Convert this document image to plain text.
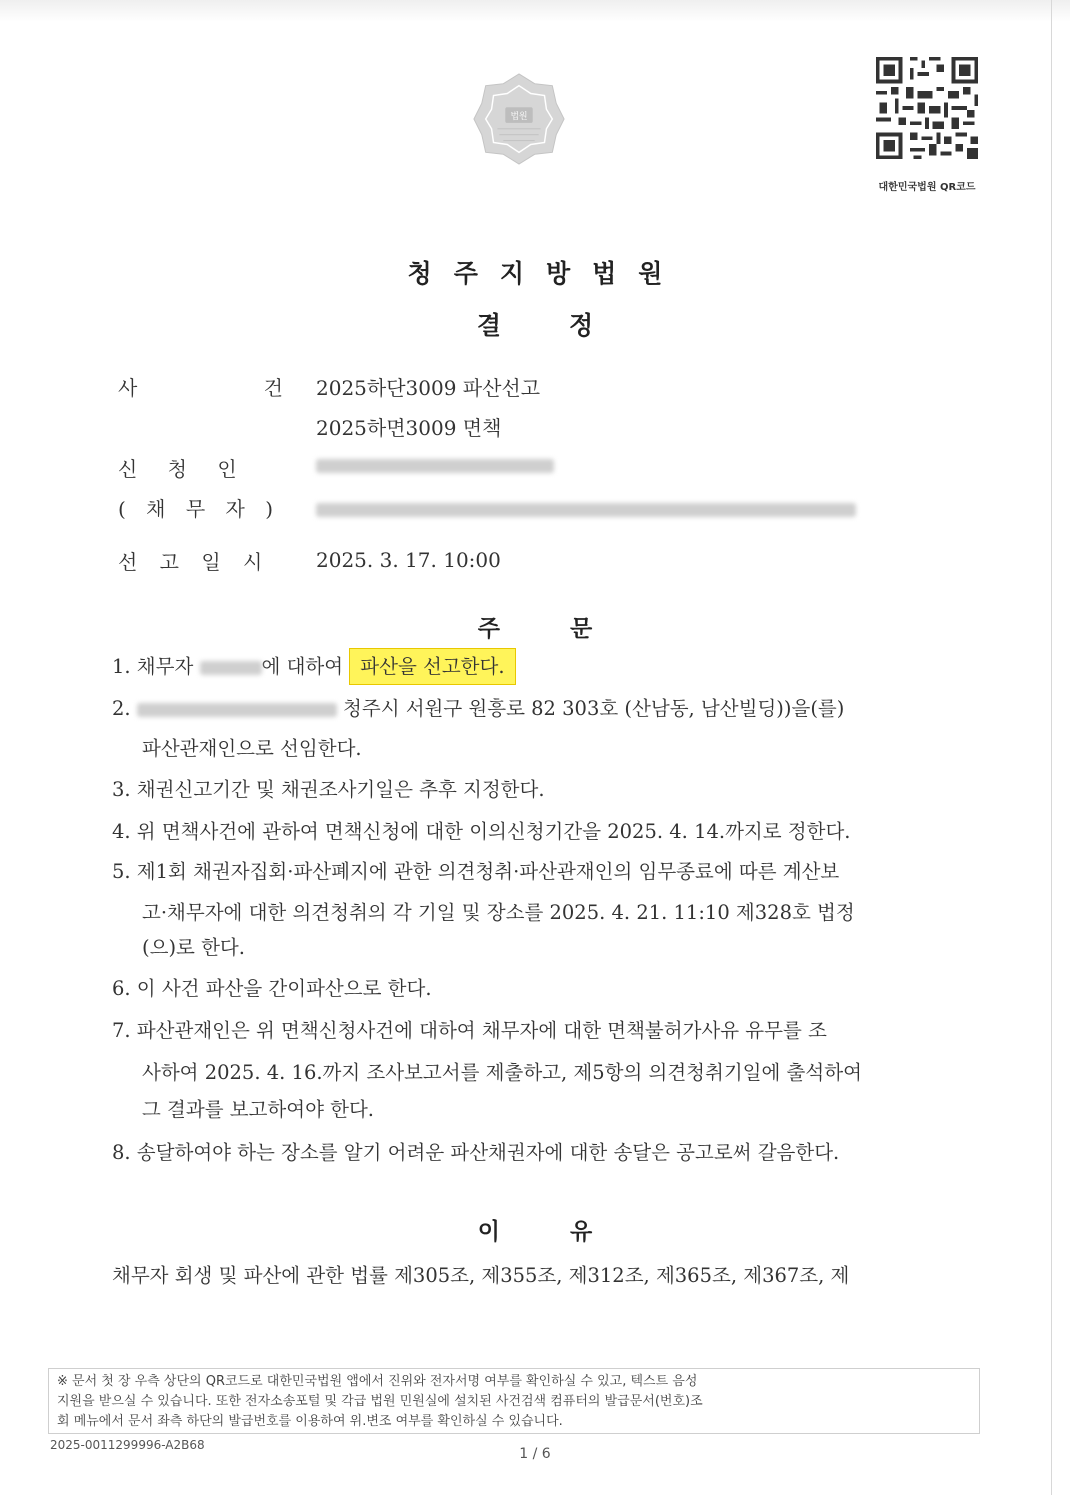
법원
대한민국법원 QR코드
청주지방법원
결정
사 건
2025하단3009 파산선고
2025하면3009 면책
신 청 인
( 채 무 자 )
선 고 일 시 2025. 3. 17. 10:00
주문
1. 채무자	에 대하여 파산을 선고한다.
2.	청주시 서원구 원흥로 82 303호 (산남동, 남산빌딩))을(를)
파산관재인으로 선임한다.
3. 채권신고기간 및 채권조사기일은 추후 지정한다.
4. 위 면책사건에 관하여 면책신청에 대한 이의신청기간을 2025. 4. 14.까지로 정한다.
5. 제1회 채권자집회·파산폐지에 관한 의견청취·파산관재인의 임무종료에 따른 계산보
고·채무자에 대한 의견청취의 각 기일 및 장소를 2025. 4. 21. 11:10 제328호 법정
(으)로 한다.
6. 이 사건 파산을 간이파산으로 한다.
7. 파산관재인은 위 면책신청사건에 대하여 채무자에 대한 면책불허가사유 유무를 조
사하여 2025. 4. 16.까지 조사보고서를 제출하고, 제5항의 의견청취기일에 출석하여
그 결과를 보고하여야 한다.
8. 송달하여야 하는 장소를 알기 어려운 파산채권자에 대한 송달은 공고로써 갈음한다.
이유
채무자 회생 및 파산에 관한 법률 제305조, 제355조, 제312조, 제365조, 제367조, 제
※ 문서 첫 장 우측 상단의 QR코드로 대한민국법원 앱에서 진위와 전자서명 여부를 확인하실 수 있고, 텍스트 음성
지원을 받으실 수 있습니다. 또한 전자소송포털 및 각급 법원 민원실에 설치된 사건검색 컴퓨터의 발급문서(번호)조
회 메뉴에서 문서 좌측 하단의 발급번호를 이용하여 위.변조 여부를 확인하실 수 있습니다.
2025-0011299996-A2B68
1 / 6
